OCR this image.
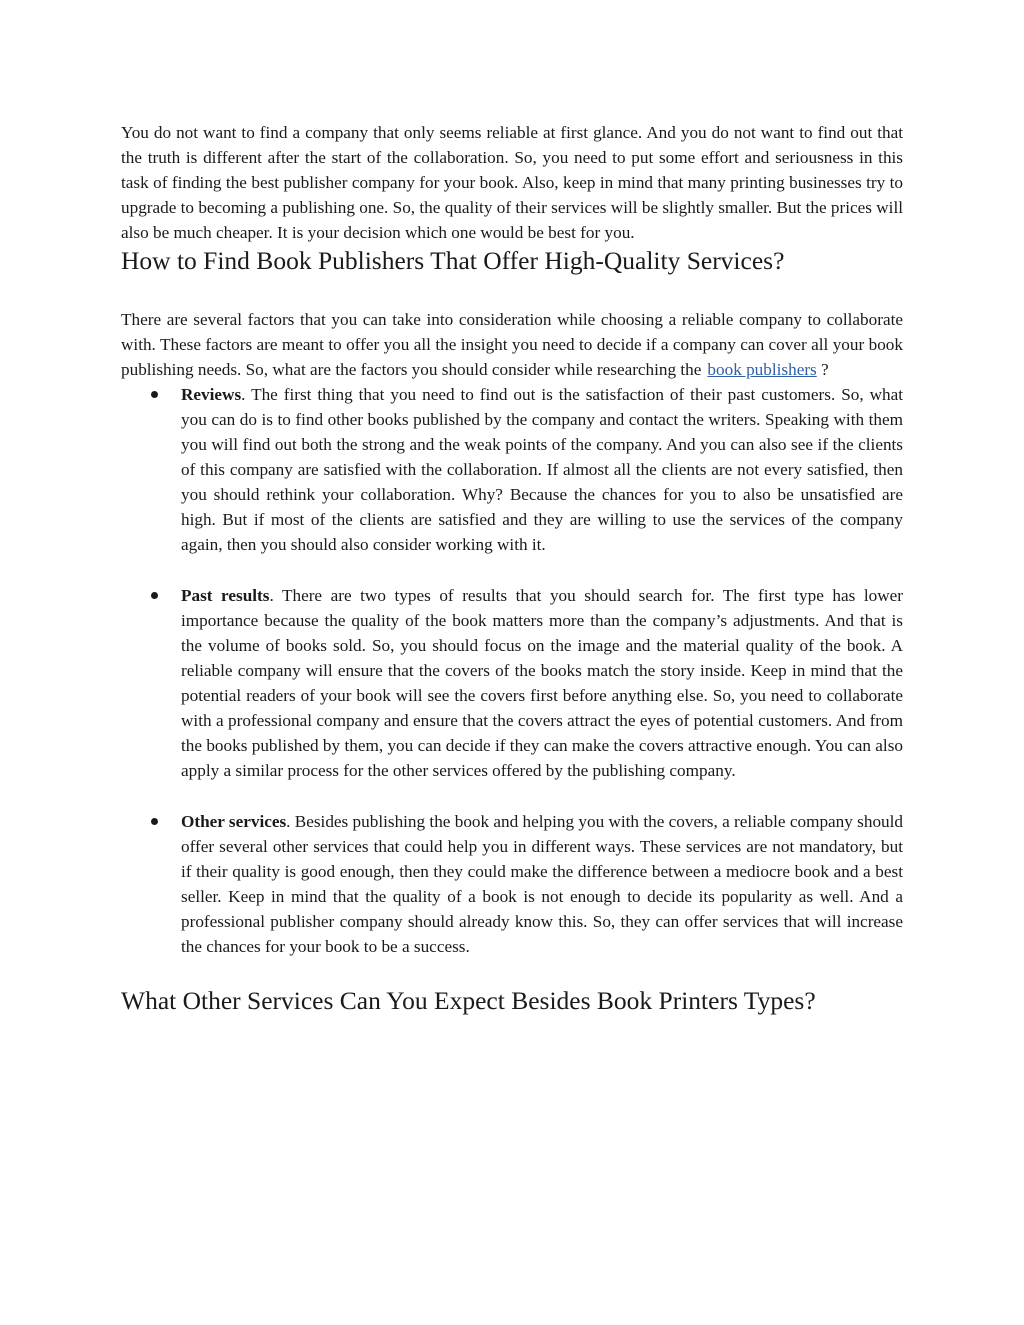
You do not want to find a company that only seems reliable at first glance. And you do not want to find out that the truth is different after the start of the collaboration. So, you need to put some effort and seriousness in this task of finding the best publisher company for your book. Also, keep in mind that many printing businesses try to upgrade to becoming a publishing one. So, the quality of their services will be slightly smaller. But the prices will also be much cheaper. It is your decision which one would be best for you.

How to Find Book Publishers That Offer High-Quality Services?

There are several factors that you can take into consideration while choosing a reliable company to collaborate with. These factors are meant to offer you all the insight you need to decide if a company can cover all your book publishing needs. So, what are the factors you should consider while researching the book publishers ?

Reviews. The first thing that you need to find out is the satisfaction of their past customers. So, what you can do is to find other books published by the company and contact the writers. Speaking with them you will find out both the strong and the weak points of the company. And you can also see if the clients of this company are satisfied with the collaboration. If almost all the clients are not every satisfied, then you should rethink your collaboration. Why? Because the chances for you to also be unsatisfied are high. But if most of the clients are satisfied and they are willing to use the services of the company again, then you should also consider working with it.
Past results. There are two types of results that you should search for. The first type has lower importance because the quality of the book matters more than the company’s adjustments. And that is the volume of books sold. So, you should focus on the image and the material quality of the book. A reliable company will ensure that the covers of the books match the story inside. Keep in mind that the potential readers of your book will see the covers first before anything else. So, you need to collaborate with a professional company and ensure that the covers attract the eyes of potential customers. And from the books published by them, you can decide if they can make the covers attractive enough. You can also apply a similar process for the other services offered by the publishing company.
Other services. Besides publishing the book and helping you with the covers, a reliable company should offer several other services that could help you in different ways. These services are not mandatory, but if their quality is good enough, then they could make the difference between a mediocre book and a best seller. Keep in mind that the quality of a book is not enough to decide its popularity as well. And a professional publisher company should already know this. So, they can offer services that will increase the chances for your book to be a success.
What Other Services Can You Expect Besides Book Printers Types?
